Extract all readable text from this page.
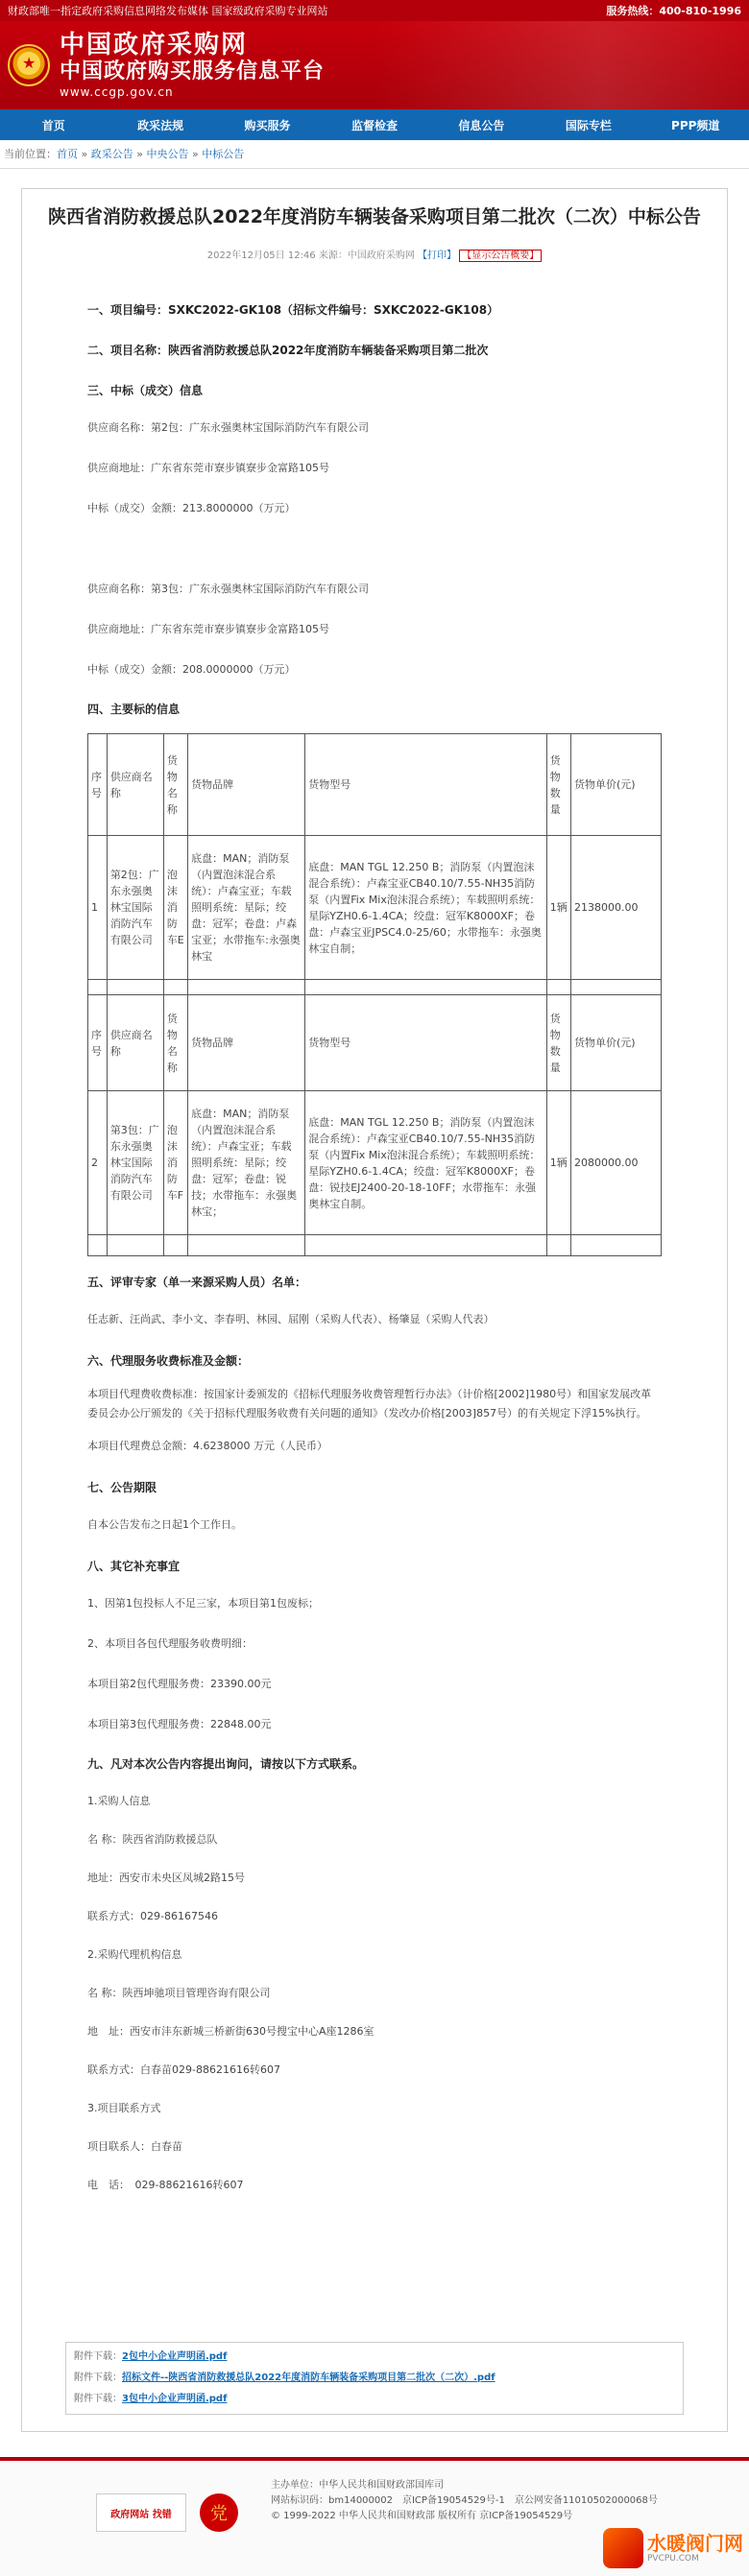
财政部唯一指定政府采购信息网络发布媒体 国家级政府采购专业网站	服务热线：400-810-1996
★
中国政府采购网
中国政府购买服务信息平台
www.ccgp.gov.cn
首页	政采法规	购买服务	监督检查	信息公告	国际专栏	PPP频道
当前位置：首页 » 政采公告 » 中央公告 » 中标公告
陕西省消防救援总队2022年度消防车辆装备采购项目第二批次（二次）中标公告
2022年12月05日 12:46 来源：中国政府采购网 【打印】 【显示公告概要】
一、项目编号：SXKC2022-GK108（招标文件编号：SXKC2022-GK108）
二、项目名称：陕西省消防救援总队2022年度消防车辆装备采购项目第二批次
三、中标（成交）信息
供应商名称：第2包：广东永强奥林宝国际消防汽车有限公司
供应商地址：广东省东莞市寮步镇寮步金富路105号
中标（成交）金额：213.8000000（万元）
供应商名称：第3包：广东永强奥林宝国际消防汽车有限公司
供应商地址：广东省东莞市寮步镇寮步金富路105号
中标（成交）金额：208.0000000（万元）
四、主要标的信息
序号	供应商名称	货物名称	货物品牌	货物型号	货物数量	货物单价(元)
1	第2包：广东永强奥林宝国际消防汽车有限公司	泡沫消防车E	底盘：MAN；消防泵（内置泡沫混合系统）：卢森宝亚；车载照明系统：星际；绞盘：冠军；卷盘：卢森宝亚；水带拖车:永强奥林宝	底盘：MAN TGL 12.250 B；消防泵（内置泡沫混合系统）：卢森宝亚CB40.10/7.55-NH35消防泵（内置Fix Mix泡沫混合系统）；车载照明系统：星际YZH0.6-1.4CA；绞盘：冠军K8000XF；卷盘：卢森宝亚JPSC4.0-25/60；水带拖车：永强奥林宝自制；	1辆	2138000.00

序号	供应商名称	货物名称	货物品牌	货物型号	货物数量	货物单价(元)
2	第3包：广东永强奥林宝国际消防汽车有限公司	泡沫消防车F	底盘：MAN；消防泵（内置泡沫混合系统）：卢森宝亚；车载照明系统：星际；绞盘：冠军；卷盘：锐技；水带拖车：永强奥林宝；	底盘：MAN TGL 12.250 B；消防泵（内置泡沫混合系统）：卢森宝亚CB40.10/7.55-NH35消防泵（内置Fix Mix泡沫混合系统）；车载照明系统：星际YZH0.6-1.4CA；绞盘：冠军K8000XF；卷盘：锐技EJ2400-20-18-10FF；水带拖车：永强奥林宝自制。	1辆	2080000.00

五、评审专家（单一来源采购人员）名单：
任志新、汪尚武、李小文、李春明、林园、屈刚（采购人代表）、杨肇显（采购人代表）
六、代理服务收费标准及金额：
本项目代理费收费标准：按国家计委颁发的《招标代理服务收费管理暂行办法》（计价格[2002]1980号）和国家发展改革委员会办公厅颁发的《关于招标代理服务收费有关问题的通知》（发改办价格[2003]857号）的有关规定下浮15%执行。
本项目代理费总金额：4.6238000 万元（人民币）
七、公告期限
自本公告发布之日起1个工作日。
八、其它补充事宜
1、因第1包投标人不足三家，本项目第1包废标；
2、本项目各包代理服务收费明细：
本项目第2包代理服务费：23390.00元
本项目第3包代理服务费：22848.00元
九、凡对本次公告内容提出询问，请按以下方式联系。
1.采购人信息
名 称：陕西省消防救援总队
地址：西安市未央区凤城2路15号
联系方式：029-86167546
2.采购代理机构信息
名 称：陕西坤驰项目管理咨询有限公司
地　址：西安市沣东新城三桥新街630号搜宝中心A座1286室
联系方式：白春苗029-88621616转607
3.项目联系方式
项目联系人：白春苗
电　话：　029-88621616转607
附件下载：2包中小企业声明函.pdf
附件下载：招标文件--陕西省消防救援总队2022年度消防车辆装备采购项目第二批次（二次）.pdf
附件下载：3包中小企业声明函.pdf
政府网站 找错	党
主办单位：中华人民共和国财政部国库司
网站标识码：bm14000002　京ICP备19054529号-1　京公网安备11010502000068号
© 1999-2022 中华人民共和国财政部 版权所有 京ICP备19054529号
水暖阀门网
PVCPU.COM
